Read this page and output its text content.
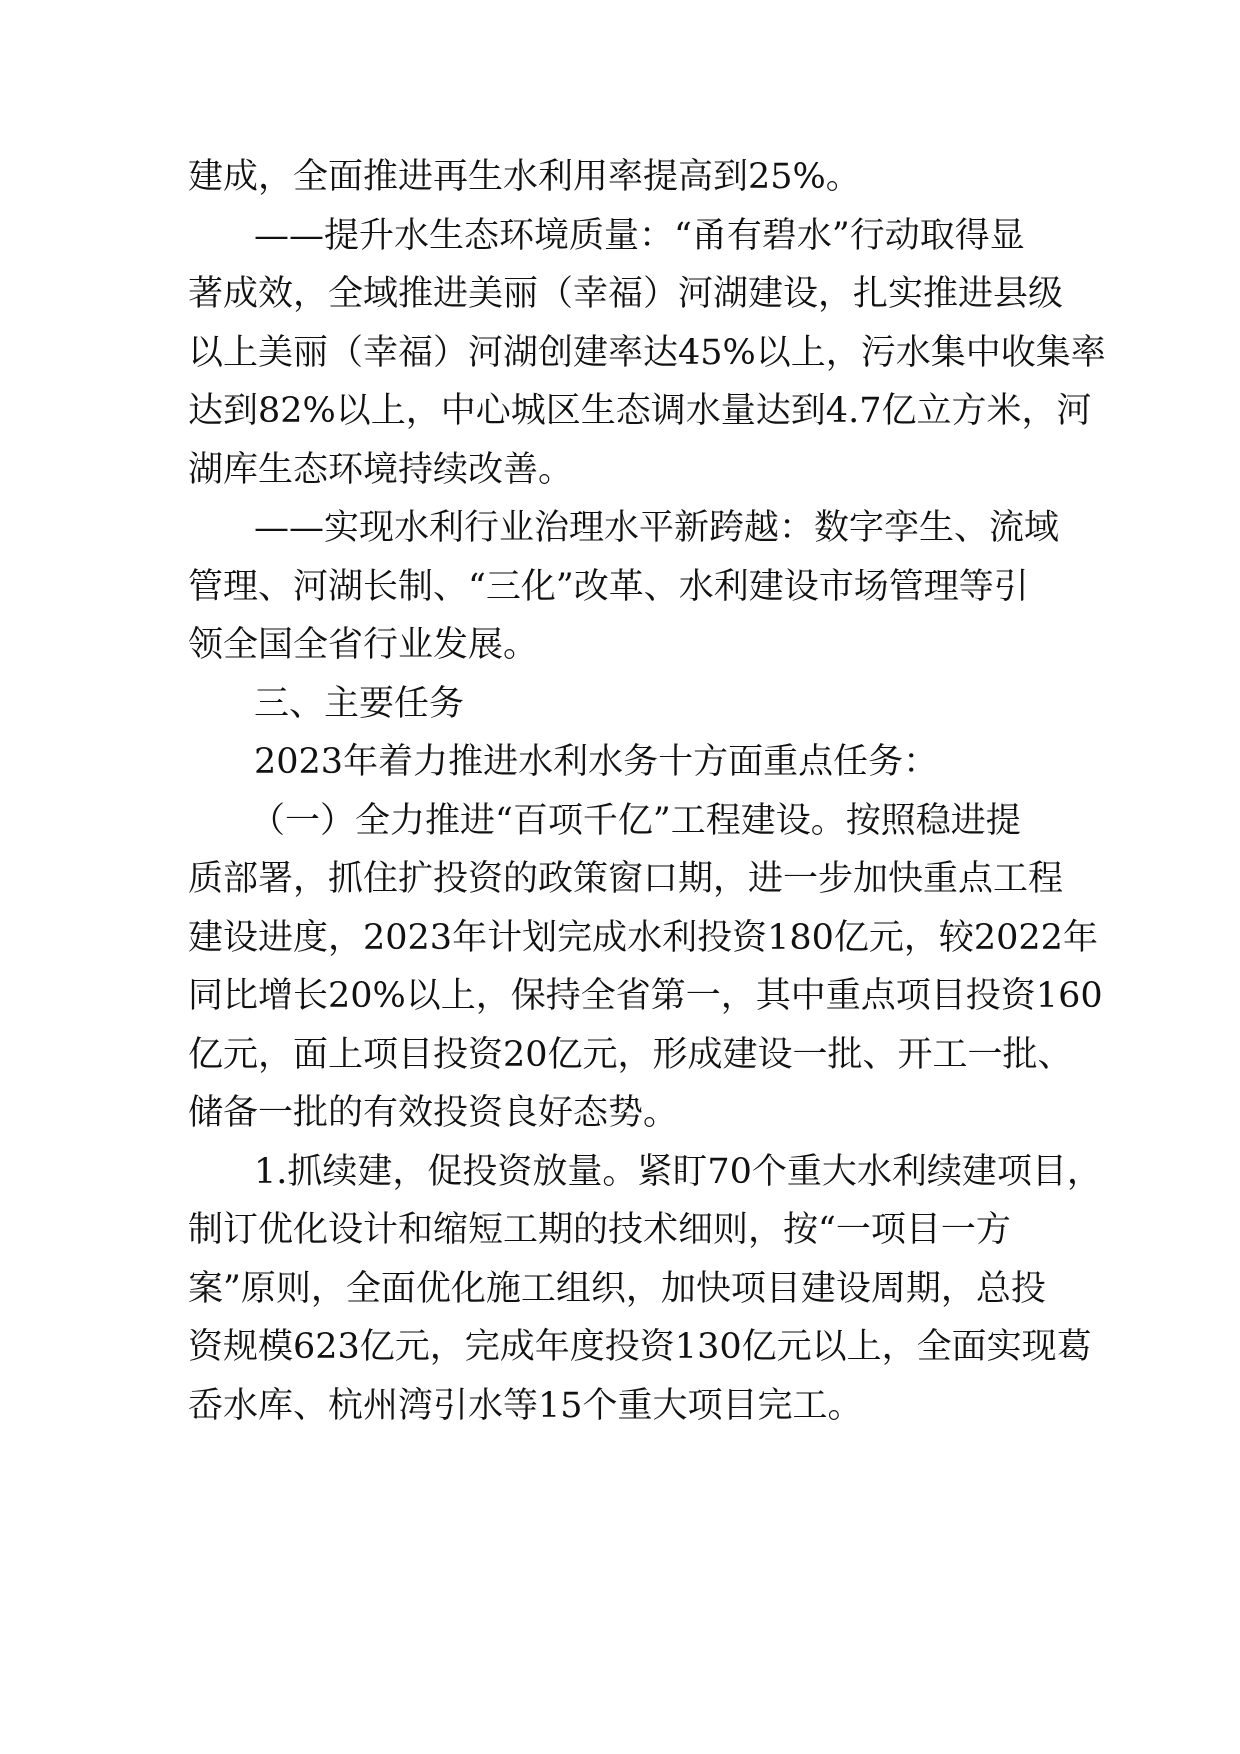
建成，全面推进再生水利用率提高到25%。
——提升水生态环境质量：“甬有碧水”行动取得显
著成效，全域推进美丽（幸福）河湖建设，扎实推进县级
以上美丽（幸福）河湖创建率达45%以上，污水集中收集率
达到82%以上，中心城区生态调水量达到4.7亿立方米，河
湖库生态环境持续改善。
——实现水利行业治理水平新跨越：数字孪生、流域
管理、河湖长制、“三化”改革、水利建设市场管理等引
领全国全省行业发展。
三、主要任务
2023年着力推进水利水务十方面重点任务：
（一）全力推进“百项千亿”工程建设。按照稳进提
质部署，抓住扩投资的政策窗口期，进一步加快重点工程
建设进度，2023年计划完成水利投资180亿元，较2022年
同比增长20%以上，保持全省第一，其中重点项目投资160
亿元，面上项目投资20亿元，形成建设一批、开工一批、
储备一批的有效投资良好态势。
1.抓续建，促投资放量。紧盯70个重大水利续建项目，
制订优化设计和缩短工期的技术细则，按“一项目一方
案”原则，全面优化施工组织，加快项目建设周期，总投
资规模623亿元，完成年度投资130亿元以上，全面实现葛
岙水库、杭州湾引水等15个重大项目完工。
